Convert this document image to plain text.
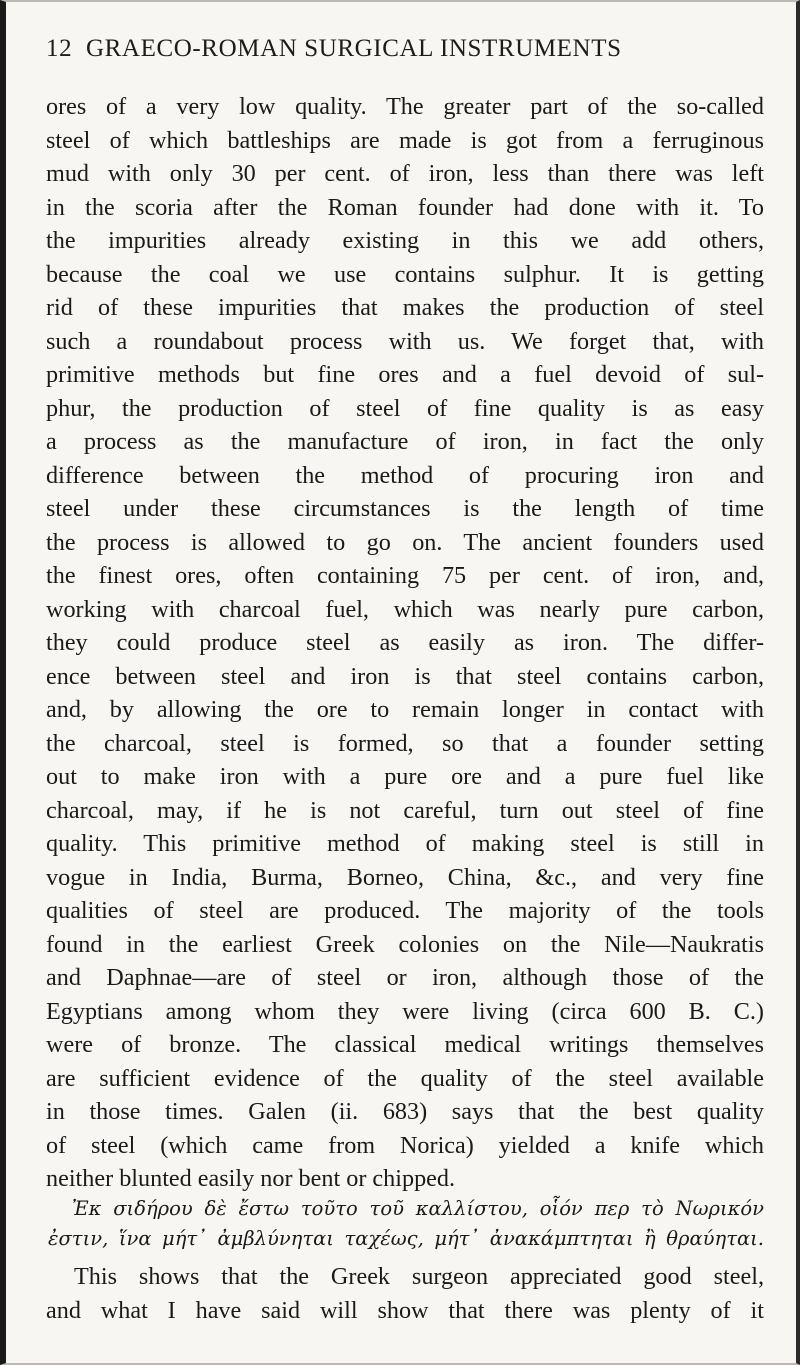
12 GRAECO-ROMAN SURGICAL INSTRUMENTS
ores of a very low quality. The greater part of the so-called
steel of which battleships are made is got from a ferruginous
mud with only 30 per cent. of iron, less than there was left
in the scoria after the Roman founder had done with it. To
the impurities already existing in this we add others,
because the coal we use contains sulphur. It is getting
rid of these impurities that makes the production of steel
such a roundabout process with us. We forget that, with
primitive methods but fine ores and a fuel devoid of sul-
phur, the production of steel of fine quality is as easy
a process as the manufacture of iron, in fact the only
difference between the method of procuring iron and
steel under these circumstances is the length of time
the process is allowed to go on. The ancient founders used
the finest ores, often containing 75 per cent. of iron, and,
working with charcoal fuel, which was nearly pure carbon,
they could produce steel as easily as iron. The differ-
ence between steel and iron is that steel contains carbon,
and, by allowing the ore to remain longer in contact with
the charcoal, steel is formed, so that a founder setting
out to make iron with a pure ore and a pure fuel like
charcoal, may, if he is not careful, turn out steel of fine
quality. This primitive method of making steel is still in
vogue in India, Burma, Borneo, China, &c., and very fine
qualities of steel are produced. The majority of the tools
found in the earliest Greek colonies on the Nile—Naukratis
and Daphnae—are of steel or iron, although those of the
Egyptians among whom they were living (circa 600 B. C.)
were of bronze. The classical medical writings themselves
are sufficient evidence of the quality of the steel available
in those times. Galen (ii. 683) says that the best quality
of steel (which came from Norica) yielded a knife which
neither blunted easily nor bent or chipped.
Ἐκ σιδήρου δὲ ἔστω τοῦτο τοῦ καλλίστου, οἷόν περ τὸ Νωρικόν
ἐστιν, ἵνα μήτ᾽ ἀμβλύνηται ταχέως, μήτ᾽ ἀνακάμπτηται ἢ θραύηται.
This shows that the Greek surgeon appreciated good steel,
and what I have said will show that there was plenty of it
